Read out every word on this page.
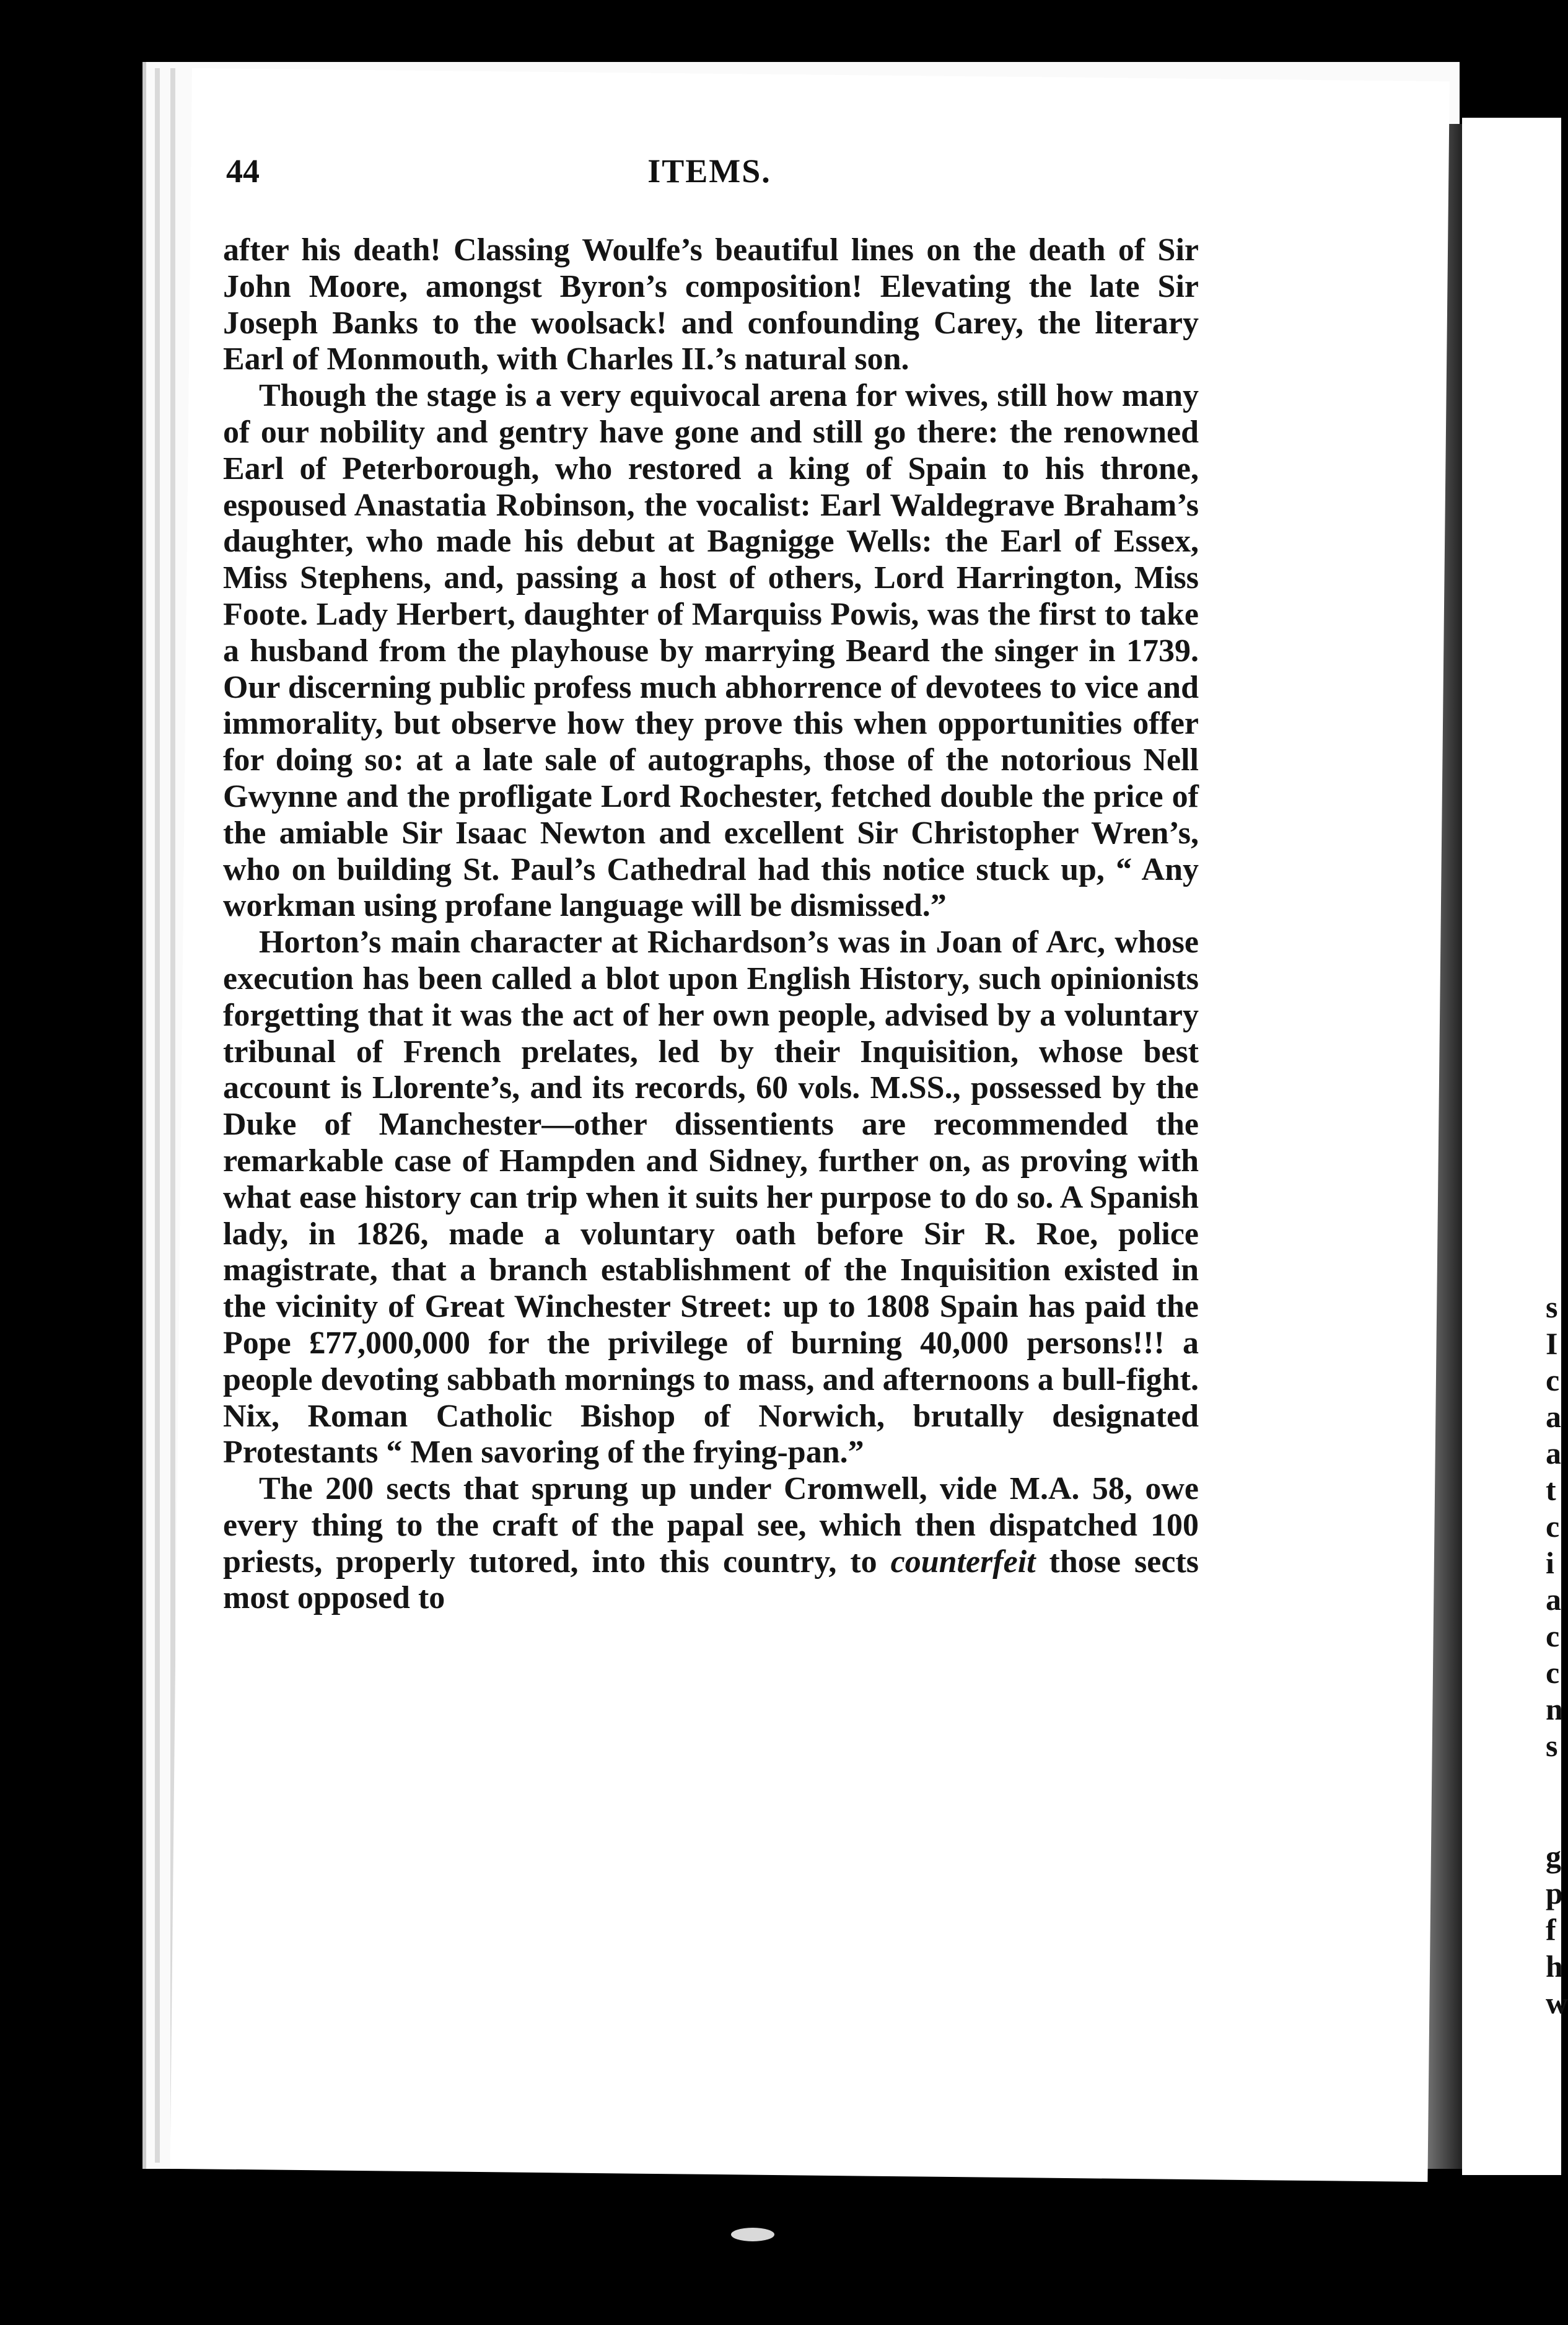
s
I
c
a
a
t
c
i
a
c
c
n
s
g
p
f
h
w
44	ITEMS.

after his death! Classing Woulfe’s beautiful lines on the death of Sir John Moore, amongst Byron’s composition! Elevating the late Sir Joseph Banks to the woolsack! and confounding Carey, the literary Earl of Monmouth, with Charles II.’s natural son.

Though the stage is a very equivocal arena for wives, still how many of our nobility and gentry have gone and still go there: the renowned Earl of Peterborough, who restored a king of Spain to his throne, espoused Anastatia Robinson, the vocalist: Earl Waldegrave Braham’s daughter, who made his debut at Bagnigge Wells: the Earl of Essex, Miss Stephens, and, passing a host of others, Lord Harrington, Miss Foote. Lady Herbert, daughter of Marquiss Powis, was the first to take a husband from the playhouse by marrying Beard the singer in 1739. Our discerning public profess much abhorrence of devotees to vice and immorality, but observe how they prove this when opportunities offer for doing so: at a late sale of autographs, those of the notorious Nell Gwynne and the profligate Lord Rochester, fetched double the price of the amiable Sir Isaac Newton and excellent Sir Christopher Wren’s, who on building St. Paul’s Cathedral had this notice stuck up, “ Any workman using profane language will be dismissed.”

Horton’s main character at Richardson’s was in Joan of Arc, whose execution has been called a blot upon English History, such opinionists forgetting that it was the act of her own people, advised by a voluntary tribunal of French prelates, led by their Inquisition, whose best account is Llorente’s, and its records, 60 vols. M.SS., possessed by the Duke of Manchester—other dissentients are recommended the remarkable case of Hampden and Sidney, further on, as proving with what ease history can trip when it suits her purpose to do so. A Spanish lady, in 1826, made a voluntary oath before Sir R. Roe, police magistrate, that a branch establishment of the Inquisition existed in the vicinity of Great Winchester Street: up to 1808 Spain has paid the Pope £77,000,000 for the privilege of burning 40,000 persons!!! a people devoting sabbath mornings to mass, and afternoons a bull-fight. Nix, Roman Catholic Bishop of Norwich, brutally designated Protestants “ Men savoring of the frying-pan.”

The 200 sects that sprung up under Cromwell, vide M.A. 58, owe every thing to the craft of the papal see, which then dispatched 100 priests, properly tutored, into this country, to counterfeit those sects most opposed to
